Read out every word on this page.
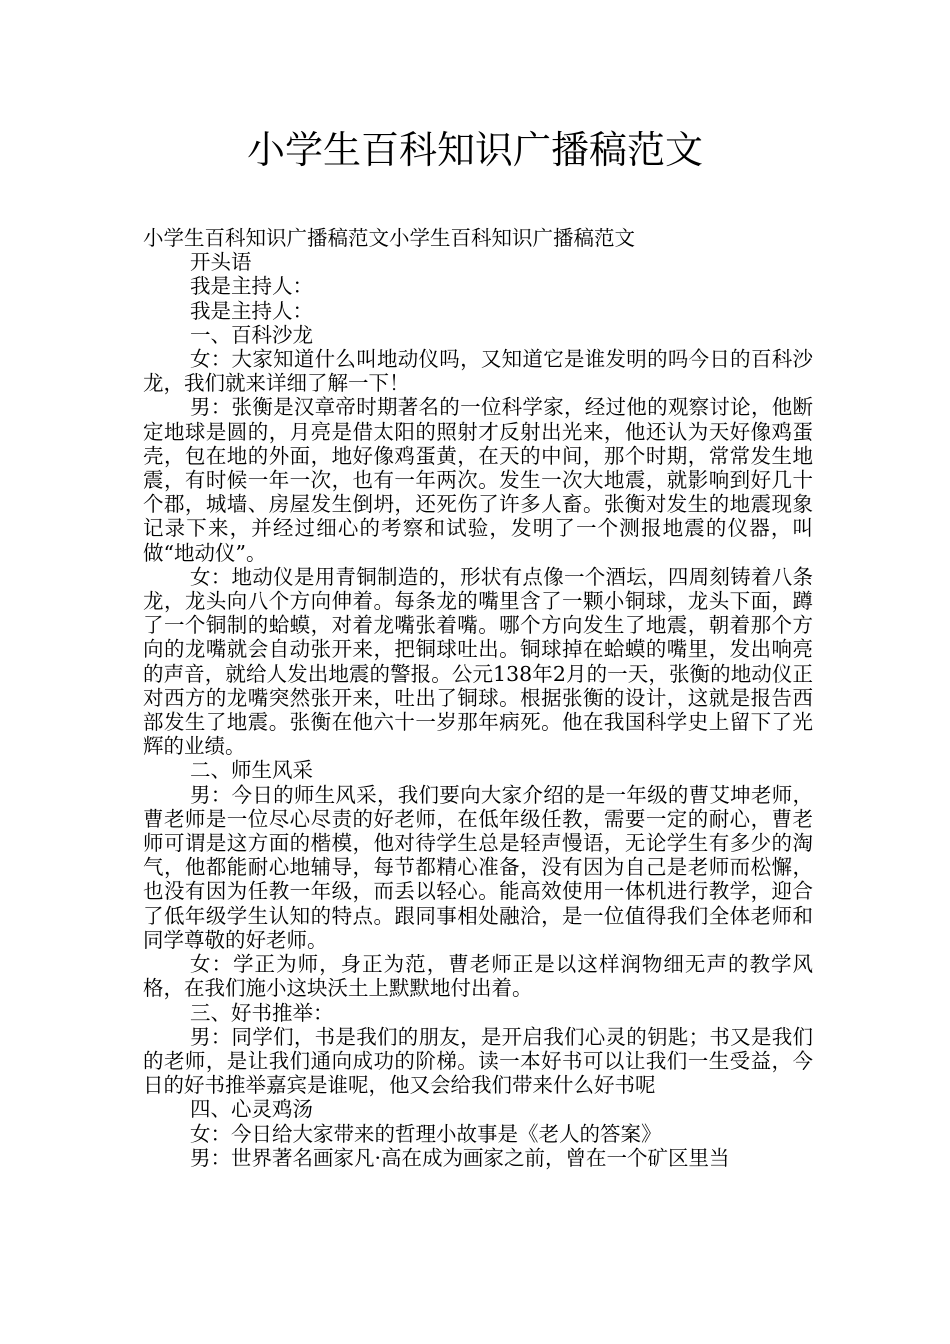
小学生百科知识广播稿范文

小学生百科知识广播稿范文小学生百科知识广播稿范文

开头语

我是主持人：

我是主持人：

一、百科沙龙

女：大家知道什么叫地动仪吗，又知道它是谁发明的吗今日的百科沙龙，我们就来详细了解一下！

男：张衡是汉章帝时期著名的一位科学家，经过他的观察讨论，他断定地球是圆的，月亮是借太阳的照射才反射出光来，他还认为天好像鸡蛋壳，包在地的外面，地好像鸡蛋黄，在天的中间，那个时期，常常发生地震，有时候一年一次，也有一年两次。发生一次大地震，就影响到好几十个郡，城墙、房屋发生倒坍，还死伤了许多人畜。张衡对发生的地震现象记录下来，并经过细心的考察和试验，发明了一个测报地震的仪器，叫做“地动仪”。

女：地动仪是用青铜制造的，形状有点像一个酒坛，四周刻铸着八条龙，龙头向八个方向伸着。每条龙的嘴里含了一颗小铜球，龙头下面，蹲了一个铜制的蛤蟆，对着龙嘴张着嘴。哪个方向发生了地震，朝着那个方向的龙嘴就会自动张开来，把铜球吐出。铜球掉在蛤蟆的嘴里，发出响亮的声音，就给人发出地震的警报。公元138年2月的一天，张衡的地动仪正对西方的龙嘴突然张开来，吐出了铜球。根据张衡的设计，这就是报告西部发生了地震。张衡在他六十一岁那年病死。他在我国科学史上留下了光辉的业绩。

二、师生风采

男：今日的师生风采，我们要向大家介绍的是一年级的曹艾坤老师，曹老师是一位尽心尽责的好老师，在低年级任教，需要一定的耐心，曹老师可谓是这方面的楷模，他对待学生总是轻声慢语，无论学生有多少的淘气，他都能耐心地辅导，每节都精心准备，没有因为自己是老师而松懈，也没有因为任教一年级，而丢以轻心。能高效使用一体机进行教学，迎合了低年级学生认知的特点。跟同事相处融洽，是一位值得我们全体老师和同学尊敬的好老师。

女：学正为师，身正为范，曹老师正是以这样润物细无声的教学风格，在我们施小这块沃土上默默地付出着。

三、好书推举：

男：同学们，书是我们的朋友，是开启我们心灵的钥匙；书又是我们的老师，是让我们通向成功的阶梯。读一本好书可以让我们一生受益，今日的好书推举嘉宾是谁呢，他又会给我们带来什么好书呢

四、心灵鸡汤

女：今日给大家带来的哲理小故事是《老人的答案》

男：世界著名画家凡·高在成为画家之前，曾在一个矿区里当
